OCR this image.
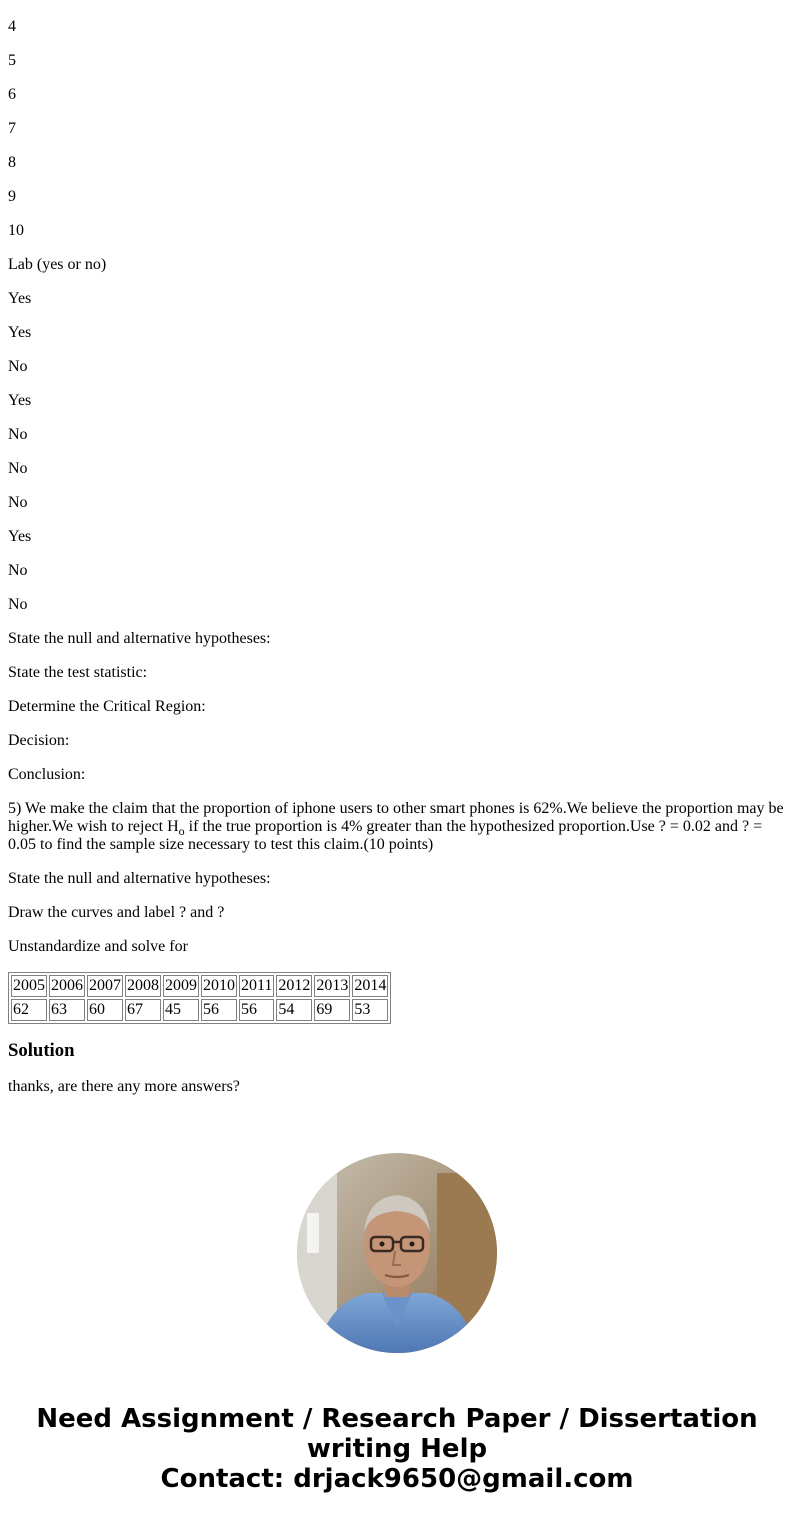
4

5

6

7

8

9

10

Lab (yes or no)

Yes

Yes

No

Yes

No

No

No

Yes

No

No

State the null and alternative hypotheses:

State the test statistic:

Determine the Critical Region:

Decision:

Conclusion:

5) We make the claim that the proportion of iphone users to other smart phones is 62%.We believe the proportion may be higher.We wish to reject $H_o$ if the true proportion is 4% greater than the hypothesized proportion.Use ? = 0.02 and ? = 0.05 to find the sample size necessary to test this claim.(10 points)

State the null and alternative hypotheses:

Draw the curves and label ? and ?

Unstandardize and solve for

2005	2006	2007	2008	2009	2010	2011	2012	2013	2014
62	63	60	67	45	56	56	54	69	53
Solution

thanks, are there any more answers?

Need Assignment / Research Paper / Dissertation
writing Help
Contact: drjack9650@gmail.com
